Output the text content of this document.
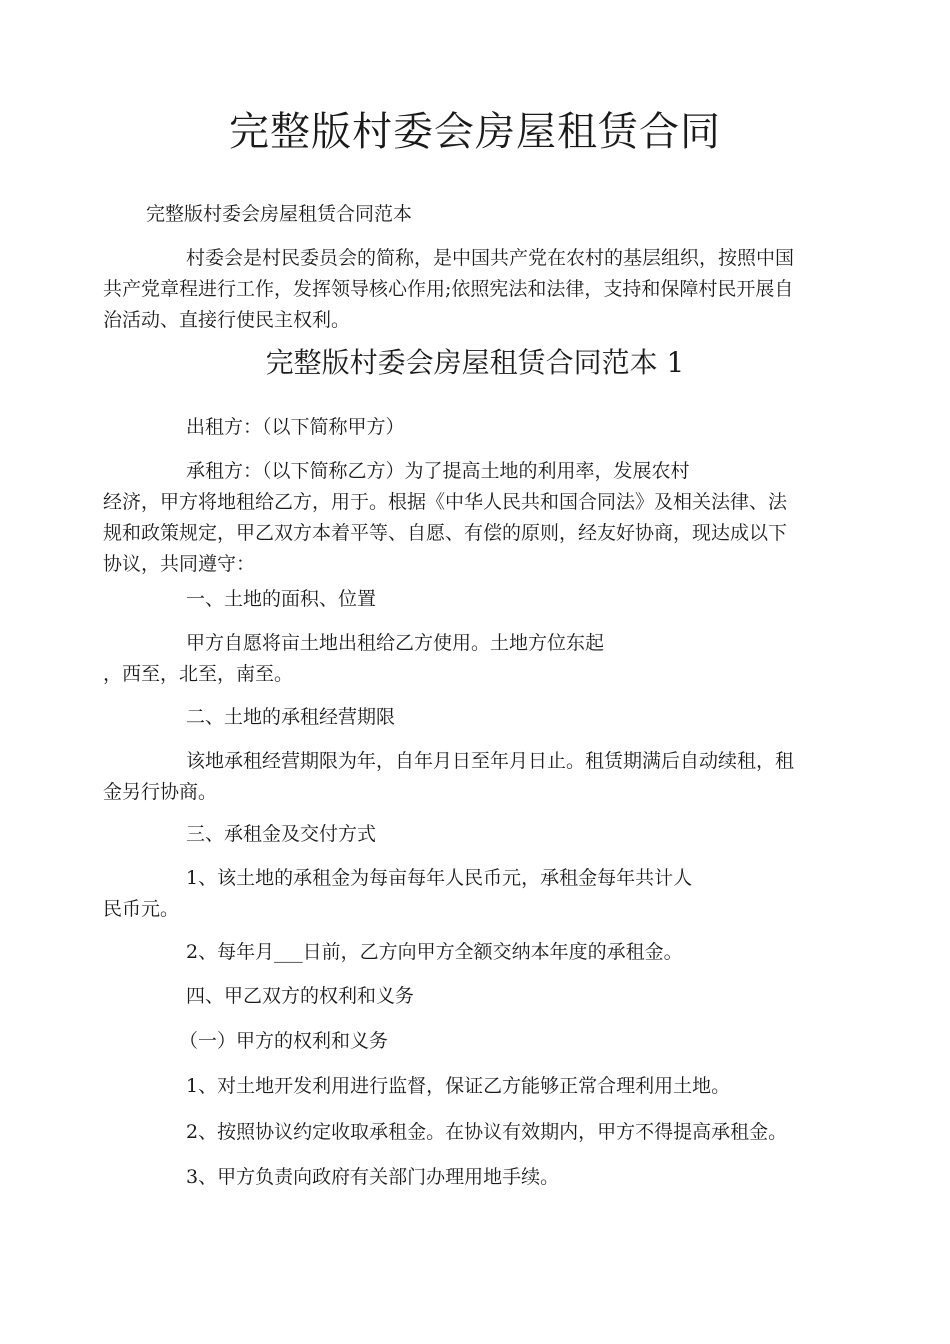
完整版村委会房屋租赁合同

完整版村委会房屋租赁合同范本

村委会是村民委员会的简称，是中国共产党在农村的基层组织，按照中国
共产党章程进行工作，发挥领导核心作用;依照宪法和法律，支持和保障村民开展自
治活动、直接行使民主权利。

完整版村委会房屋租赁合同范本 1

出租方：（以下简称甲方）

承租方：（以下简称乙方）为了提高土地的利用率，发展农村
经济，甲方将地租给乙方，用于。根据《中华人民共和国合同法》及相关法律、法
规和政策规定，甲乙双方本着平等、自愿、有偿的原则，经友好协商，现达成以下
协议，共同遵守：

一、土地的面积、位置

甲方自愿将亩土地出租给乙方使用。土地方位东起
，西至，北至，南至。

二、土地的承租经营期限

该地承租经营期限为年，自年月日至年月日止。租赁期满后自动续租，租
金另行协商。

三、承租金及交付方式

1、该土地的承租金为每亩每年人民币元，承租金每年共计人
民币元。

2、每年月___日前，乙方向甲方全额交纳本年度的承租金。

四、甲乙双方的权利和义务

（一）甲方的权利和义务

1、对土地开发利用进行监督，保证乙方能够正常合理利用土地。

2、按照协议约定收取承租金。在协议有效期内，甲方不得提高承租金。

3、甲方负责向政府有关部门办理用地手续。
